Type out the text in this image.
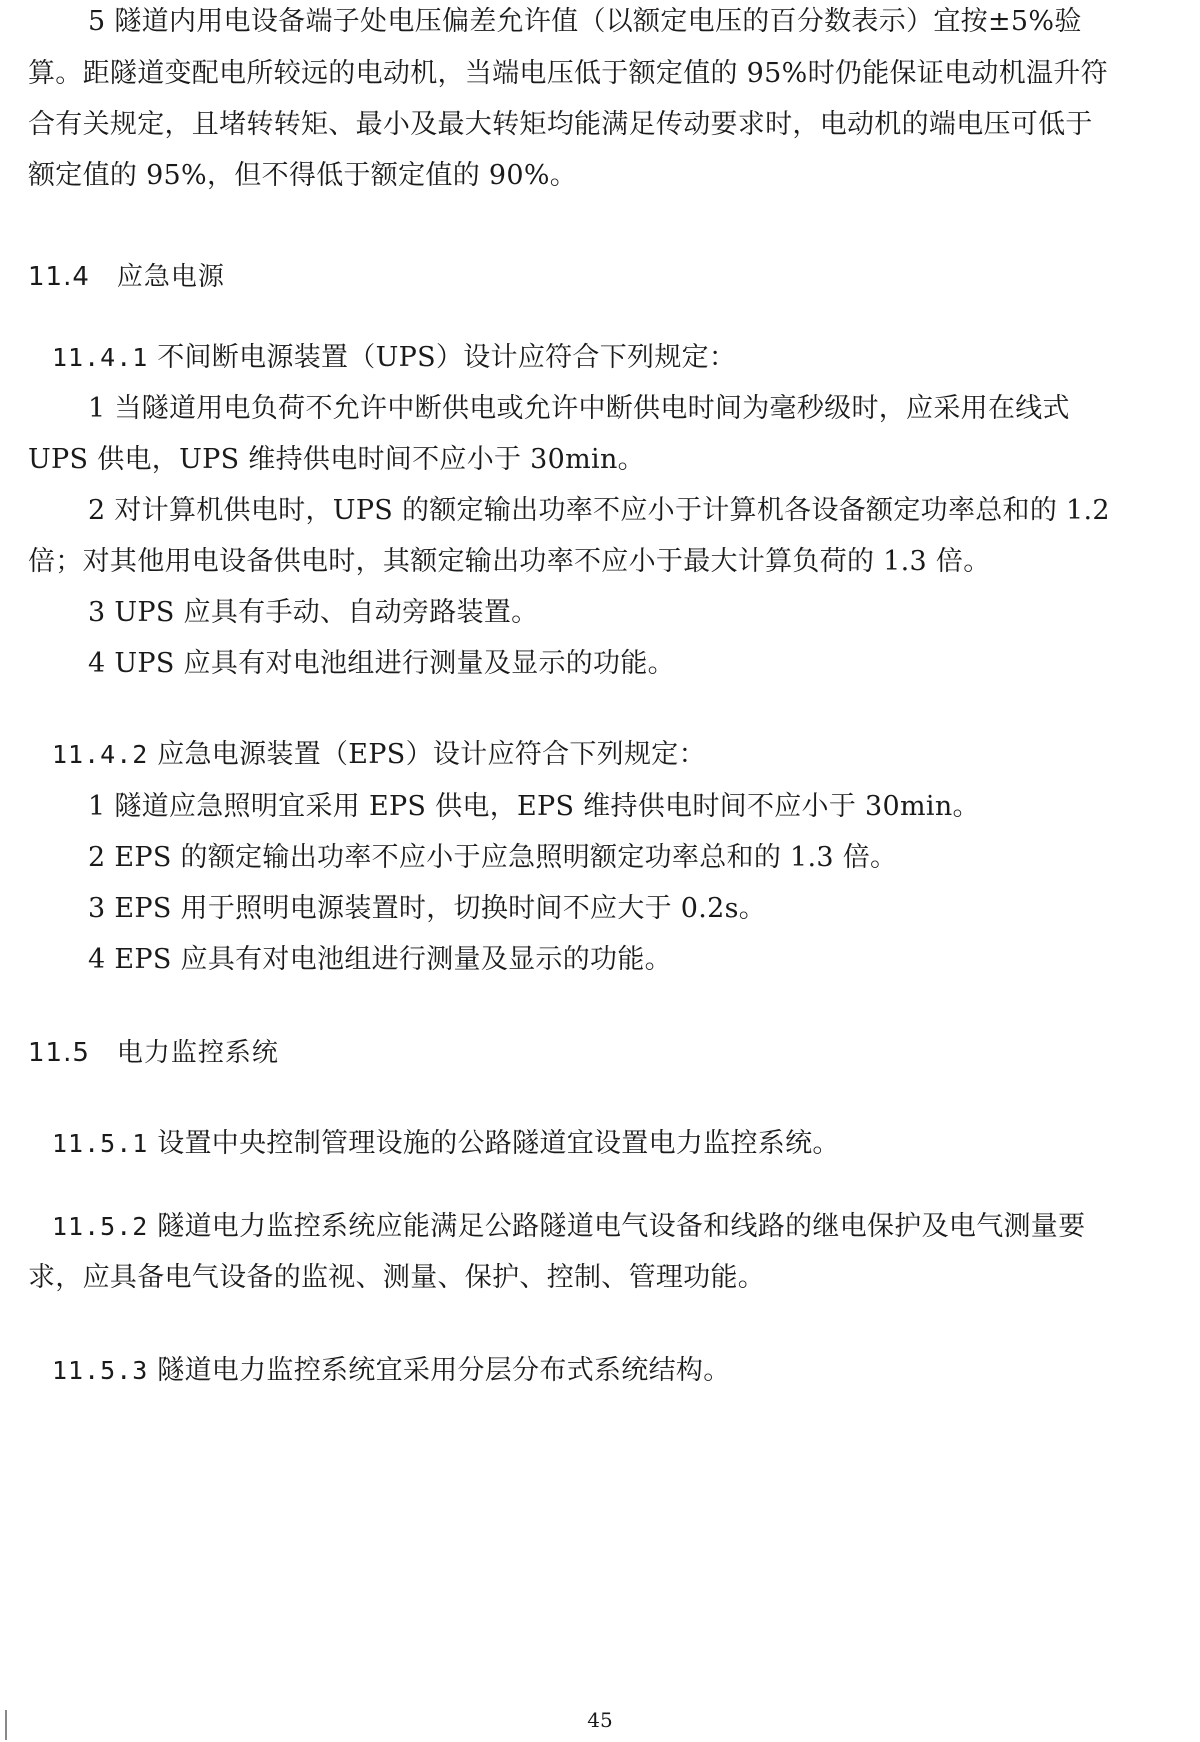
5 隧道内用电设备端子处电压偏差允许值（以额定电压的百分数表示）宜按±5%验
算。距隧道变配电所较远的电动机，当端电压低于额定值的 95%时仍能保证电动机温升符
合有关规定，且堵转转矩、最小及最大转矩均能满足传动要求时，电动机的端电压可低于
额定值的 95%，但不得低于额定值的 90%。
11.4　应急电源
11.4.1 不间断电源装置（UPS）设计应符合下列规定：
1 当隧道用电负荷不允许中断供电或允许中断供电时间为毫秒级时，应采用在线式
UPS 供电，UPS 维持供电时间不应小于 30min。
2 对计算机供电时，UPS 的额定输出功率不应小于计算机各设备额定功率总和的 1.2
倍；对其他用电设备供电时，其额定输出功率不应小于最大计算负荷的 1.3 倍。
3 UPS 应具有手动、自动旁路装置。
4 UPS 应具有对电池组进行测量及显示的功能。
11.4.2 应急电源装置（EPS）设计应符合下列规定：
1 隧道应急照明宜采用 EPS 供电，EPS 维持供电时间不应小于 30min。
2 EPS 的额定输出功率不应小于应急照明额定功率总和的 1.3 倍。
3 EPS 用于照明电源装置时，切换时间不应大于 0.2s。
4 EPS 应具有对电池组进行测量及显示的功能。
11.5　电力监控系统
11.5.1 设置中央控制管理设施的公路隧道宜设置电力监控系统。
11.5.2 隧道电力监控系统应能满足公路隧道电气设备和线路的继电保护及电气测量要
求，应具备电气设备的监视、测量、保护、控制、管理功能。
11.5.3 隧道电力监控系统宜采用分层分布式系统结构。
45
